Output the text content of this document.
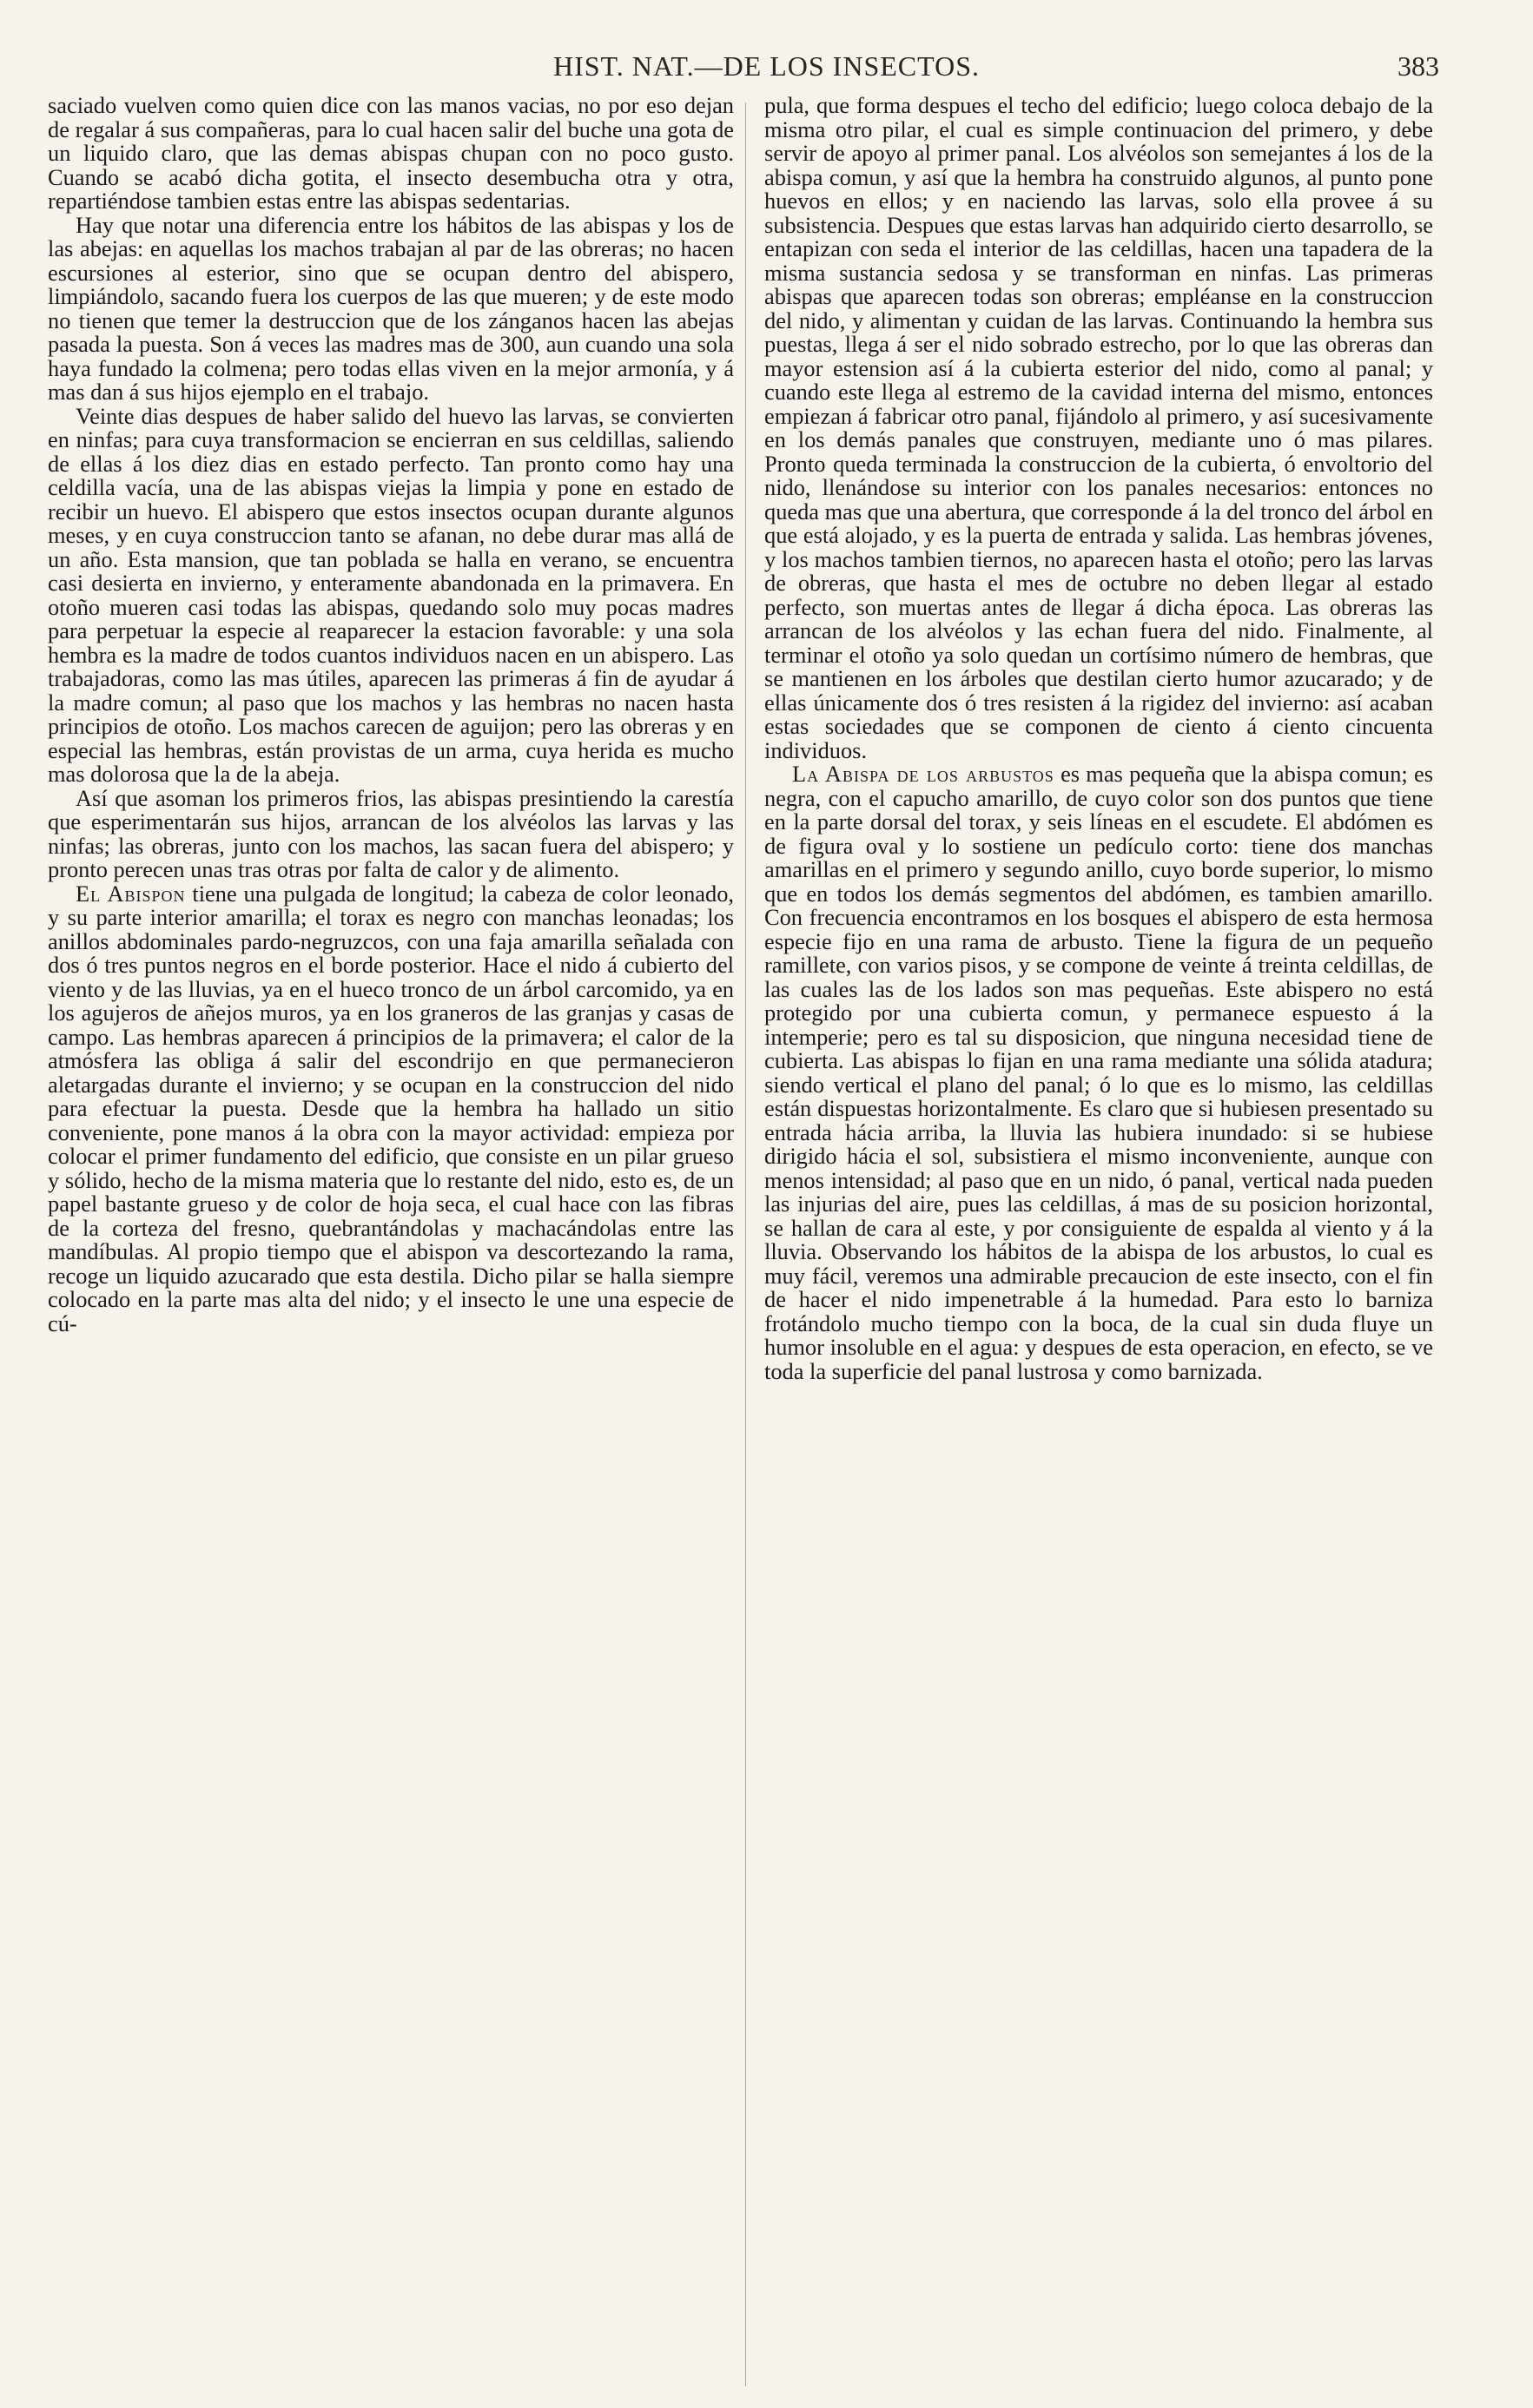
HIST. NAT.—DE LOS INSECTOS.	383

saciado vuelven como quien dice con las manos vacias, no por eso dejan de regalar á sus compañeras, para lo cual hacen salir del buche una gota de un liquido claro, que las demas abispas chupan con no poco gusto. Cuando se acabó dicha gotita, el insecto desembucha otra y otra, repartiéndose tambien estas entre las abispas sedentarias.

Hay que notar una diferencia entre los hábitos de las abispas y los de las abejas: en aquellas los machos trabajan al par de las obreras; no hacen escursiones al esterior, sino que se ocupan dentro del abispero, limpiándolo, sacando fuera los cuerpos de las que mueren; y de este modo no tienen que temer la destruccion que de los zánganos hacen las abejas pasada la puesta. Son á veces las madres mas de 300, aun cuando una sola haya fundado la colmena; pero todas ellas viven en la mejor armonía, y á mas dan á sus hijos ejemplo en el trabajo.

Veinte dias despues de haber salido del huevo las larvas, se convierten en ninfas; para cuya transformacion se encierran en sus celdillas, saliendo de ellas á los diez dias en estado perfecto. Tan pronto como hay una celdilla vacía, una de las abispas viejas la limpia y pone en estado de recibir un huevo. El abispero que estos insectos ocupan durante algunos meses, y en cuya construccion tanto se afanan, no debe durar mas allá de un año. Esta mansion, que tan poblada se halla en verano, se encuentra casi desierta en invierno, y enteramente abandonada en la primavera. En otoño mueren casi todas las abispas, quedando solo muy pocas madres para perpetuar la especie al reaparecer la estacion favorable: y una sola hembra es la madre de todos cuantos individuos nacen en un abispero. Las trabajadoras, como las mas útiles, aparecen las primeras á fin de ayudar á la madre comun; al paso que los machos y las hembras no nacen hasta principios de otoño. Los machos carecen de aguijon; pero las obreras y en especial las hembras, están provistas de un arma, cuya herida es mucho mas dolorosa que la de la abeja.

Así que asoman los primeros frios, las abispas presintiendo la carestía que esperimentarán sus hijos, arrancan de los alvéolos las larvas y las ninfas; las obreras, junto con los machos, las sacan fuera del abispero; y pronto perecen unas tras otras por falta de calor y de alimento.

El Abispon tiene una pulgada de longitud; la cabeza de color leonado, y su parte interior amarilla; el torax es negro con manchas leonadas; los anillos abdominales pardo-negruzcos, con una faja amarilla señalada con dos ó tres puntos negros en el borde posterior. Hace el nido á cubierto del viento y de las lluvias, ya en el hueco tronco de un árbol carcomido, ya en los agujeros de añejos muros, ya en los graneros de las granjas y casas de campo. Las hembras aparecen á principios de la primavera; el calor de la atmósfera las obliga á salir del escondrijo en que permanecieron aletargadas durante el invierno; y se ocupan en la construccion del nido para efectuar la puesta. Desde que la hembra ha hallado un sitio conveniente, pone manos á la obra con la mayor actividad: empieza por colocar el primer fundamento del edificio, que consiste en un pilar grueso y sólido, hecho de la misma materia que lo restante del nido, esto es, de un papel bastante grueso y de color de hoja seca, el cual hace con las fibras de la corteza del fresno, quebrantándolas y machacándolas entre las mandíbulas. Al propio tiempo que el abispon va descortezando la rama, recoge un liquido azucarado que esta destila. Dicho pilar se halla siempre colocado en la parte mas alta del nido; y el insecto le une una especie de cú-

pula, que forma despues el techo del edificio; luego coloca debajo de la misma otro pilar, el cual es simple continuacion del primero, y debe servir de apoyo al primer panal. Los alvéolos son semejantes á los de la abispa comun, y así que la hembra ha construido algunos, al punto pone huevos en ellos; y en naciendo las larvas, solo ella provee á su subsistencia. Despues que estas larvas han adquirido cierto desarrollo, se entapizan con seda el interior de las celdillas, hacen una tapadera de la misma sustancia sedosa y se transforman en ninfas. Las primeras abispas que aparecen todas son obreras; empléanse en la construccion del nido, y alimentan y cuidan de las larvas. Continuando la hembra sus puestas, llega á ser el nido sobrado estrecho, por lo que las obreras dan mayor estension así á la cubierta esterior del nido, como al panal; y cuando este llega al estremo de la cavidad interna del mismo, entonces empiezan á fabricar otro panal, fijándolo al primero, y así sucesivamente en los demás panales que construyen, mediante uno ó mas pilares. Pronto queda terminada la construccion de la cubierta, ó envoltorio del nido, llenándose su interior con los panales necesarios: entonces no queda mas que una abertura, que corresponde á la del tronco del árbol en que está alojado, y es la puerta de entrada y salida. Las hembras jóvenes, y los machos tambien tiernos, no aparecen hasta el otoño; pero las larvas de obreras, que hasta el mes de octubre no deben llegar al estado perfecto, son muertas antes de llegar á dicha época. Las obreras las arrancan de los alvéolos y las echan fuera del nido. Finalmente, al terminar el otoño ya solo quedan un cortísimo número de hembras, que se mantienen en los árboles que destilan cierto humor azucarado; y de ellas únicamente dos ó tres resisten á la rigidez del invierno: así acaban estas sociedades que se componen de ciento á ciento cincuenta individuos.

La Abispa de los arbustos es mas pequeña que la abispa comun; es negra, con el capucho amarillo, de cuyo color son dos puntos que tiene en la parte dorsal del torax, y seis líneas en el escudete. El abdómen es de figura oval y lo sostiene un pedículo corto: tiene dos manchas amarillas en el primero y segundo anillo, cuyo borde superior, lo mismo que en todos los demás segmentos del abdómen, es tambien amarillo. Con frecuencia encontramos en los bosques el abispero de esta hermosa especie fijo en una rama de arbusto. Tiene la figura de un pequeño ramillete, con varios pisos, y se compone de veinte á treinta celdillas, de las cuales las de los lados son mas pequeñas. Este abispero no está protegido por una cubierta comun, y permanece espuesto á la intemperie; pero es tal su disposicion, que ninguna necesidad tiene de cubierta. Las abispas lo fijan en una rama mediante una sólida atadura; siendo vertical el plano del panal; ó lo que es lo mismo, las celdillas están dispuestas horizontalmente. Es claro que si hubiesen presentado su entrada hácia arriba, la lluvia las hubiera inundado: si se hubiese dirigido hácia el sol, subsistiera el mismo inconveniente, aunque con menos intensidad; al paso que en un nido, ó panal, vertical nada pueden las injurias del aire, pues las celdillas, á mas de su posicion horizontal, se hallan de cara al este, y por consiguiente de espalda al viento y á la lluvia. Observando los hábitos de la abispa de los arbustos, lo cual es muy fácil, veremos una admirable precaucion de este insecto, con el fin de hacer el nido impenetrable á la humedad. Para esto lo barniza frotándolo mucho tiempo con la boca, de la cual sin duda fluye un humor insoluble en el agua: y despues de esta operacion, en efecto, se ve toda la superficie del panal lustrosa y como barnizada.
